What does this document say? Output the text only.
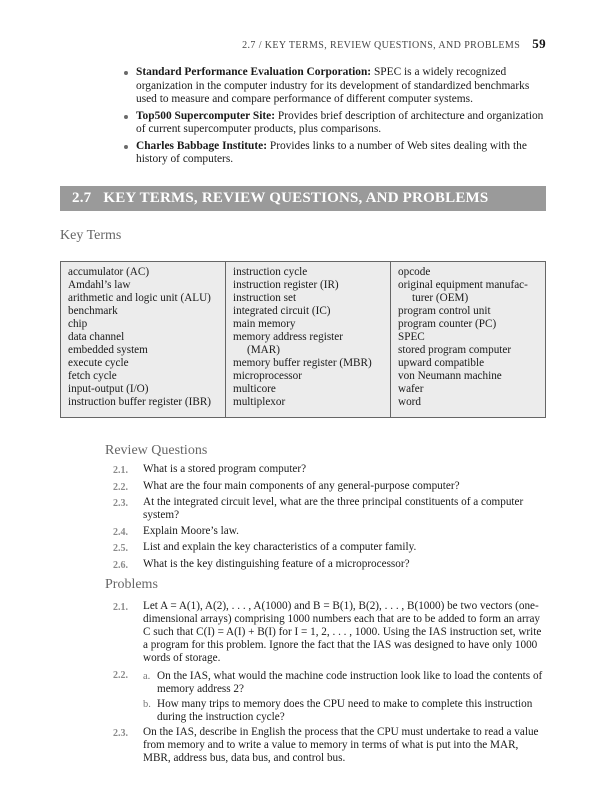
2.7 / KEY TERMS, REVIEW QUESTIONS, AND PROBLEMS 59
Standard Performance Evaluation Corporation: SPEC is a widely recognized organization in the computer industry for its development of standardized benchmarks used to measure and compare performance of different computer systems.
Top500 Supercomputer Site: Provides brief description of architecture and organization of current supercomputer products, plus comparisons.
Charles Babbage Institute: Provides links to a number of Web sites dealing with the history of computers.
2.7 KEY TERMS, REVIEW QUESTIONS, AND PROBLEMS
Key Terms
accumulator (AC)
Amdahl’s law
arithmetic and logic unit (ALU)
benchmark
chip
data channel
embedded system
execute cycle
fetch cycle
input-output (I/O)
instruction buffer register (IBR)
instruction cycle
instruction register (IR)
instruction set
integrated circuit (IC)
main memory
memory address register
(MAR)
memory buffer register (MBR)
microprocessor
multicore
multiplexor
opcode
original equipment manufac-
turer (OEM)
program control unit
program counter (PC)
SPEC
stored program computer
upward compatible
von Neumann machine
wafer
word
Review Questions
2.1.	What is a stored program computer?
2.2.	What are the four main components of any general-purpose computer?
2.3.	At the integrated circuit level, what are the three principal constituents of a computer system?
2.4.	Explain Moore’s law.
2.5.	List and explain the key characteristics of a computer family.
2.6.	What is the key distinguishing feature of a microprocessor?
Problems
2.1.	Let A = A(1), A(2), . . . , A(1000) and B = B(1), B(2), . . . , B(1000) be two vectors (one-dimensional arrays) comprising 1000 numbers each that are to be added to form an array C such that C(I) = A(I) + B(I) for I = 1, 2, . . . , 1000. Using the IAS instruction set, write a program for this problem. Ignore the fact that the IAS was designed to have only 1000 words of storage.
2.2.	a. On the IAS, what would the machine code instruction look like to load the contents of memory address 2?
b. How many trips to memory does the CPU need to make to complete this instruction during the instruction cycle?
2.3.	On the IAS, describe in English the process that the CPU must undertake to read a value from memory and to write a value to memory in terms of what is put into the MAR, MBR, address bus, data bus, and control bus.
